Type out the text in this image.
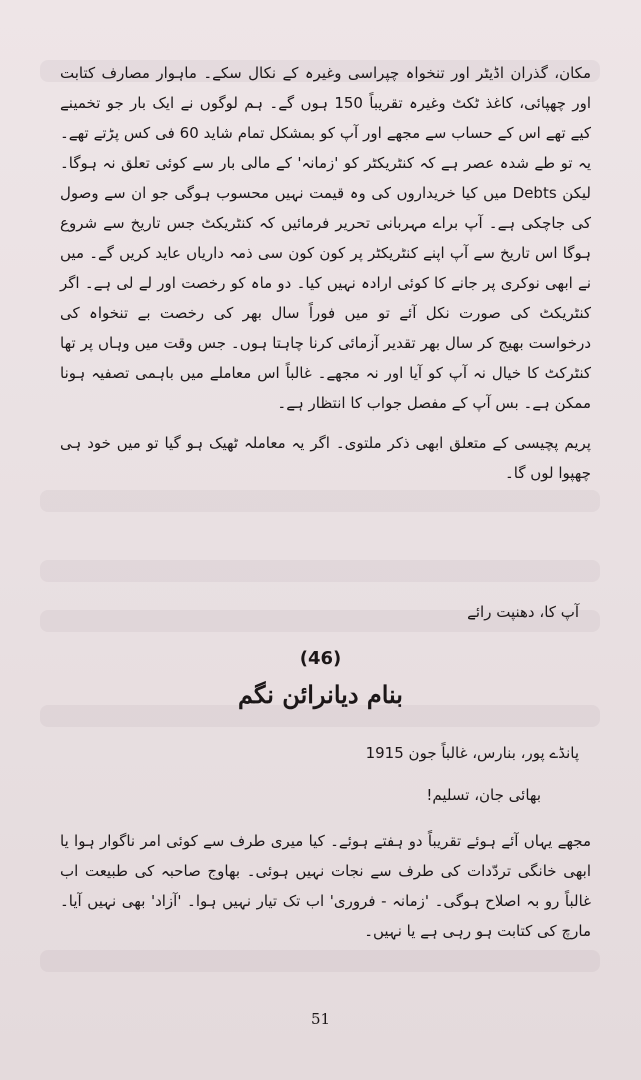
مکان، گذران اڈیٹر اور تنخواہ چپراسی وغیرہ کے نکال سکے۔ ماہوار مصارف کتابت اور چھپائی، کاغذ ٹکٹ وغیرہ تقریباً 150 ہوں گے۔ ہم لوگوں نے ایک بار جو تخمینے کیے تھے اس کے حساب سے مجھے اور آپ کو بمشکل تمام شاید 60 فی کس پڑتے تھے۔ یہ تو طے شدہ عصر ہے کہ کنٹریکٹر کو 'زمانہ' کے مالی بار سے کوئی تعلق نہ ہوگا۔ لیکن Debts میں کیا خریداروں کی وہ قیمت نہیں محسوب ہوگی جو ان سے وصول کی جاچکی ہے۔ آپ براے مہربانی تحریر فرمائیں کہ کنٹریکٹ جس تاریخ سے شروع ہوگا اس تاریخ سے آپ اپنے کنٹریکٹر پر کون کون سی ذمہ داریاں عاید کریں گے۔ میں نے ابھی نوکری پر جانے کا کوئی ارادہ نہیں کیا۔ دو ماہ کو رخصت اور لے لی ہے۔ اگر کنٹریکٹ کی صورت نکل آئے تو میں فوراً سال بھر کی رخصت بے تنخواہ کی درخواست بھیج کر سال بھر تقدیر آزمائی کرنا چاہتا ہوں۔ جس وقت میں وہاں پر تھا کنٹرکٹ کا خیال نہ آپ کو آیا اور نہ مجھے۔ غالباً اس معاملے میں باہمی تصفیہ ہونا ممکن ہے۔ بس آپ کے مفصل جواب کا انتظار ہے۔

پریم پچیسی کے متعلق ابھی ذکر ملتوی۔ اگر یہ معاملہ ٹھیک ہو گیا تو میں خود ہی چھپوا لوں گا۔

آپ کا، دھنپت رائے
(46)
بنام دیانرائن نگم
پانڈے پور، بنارس، غالباً جون 1915
بھائی جان، تسلیم!

مجھے یہاں آئے ہوئے تقریباً دو ہفتے ہوئے۔ کیا میری طرف سے کوئی امر ناگوار ہوا یا ابھی خانگی تردّدات کی طرف سے نجات نہیں ہوئی۔ بھاوج صاحبہ کی طبیعت اب غالباً رو بہ اصلاح ہوگی۔ 'زمانہ - فروری' اب تک تیار نہیں ہوا۔ 'آزاد' بھی نہیں آیا۔ مارچ کی کتابت ہو رہی ہے یا نہیں۔

51
